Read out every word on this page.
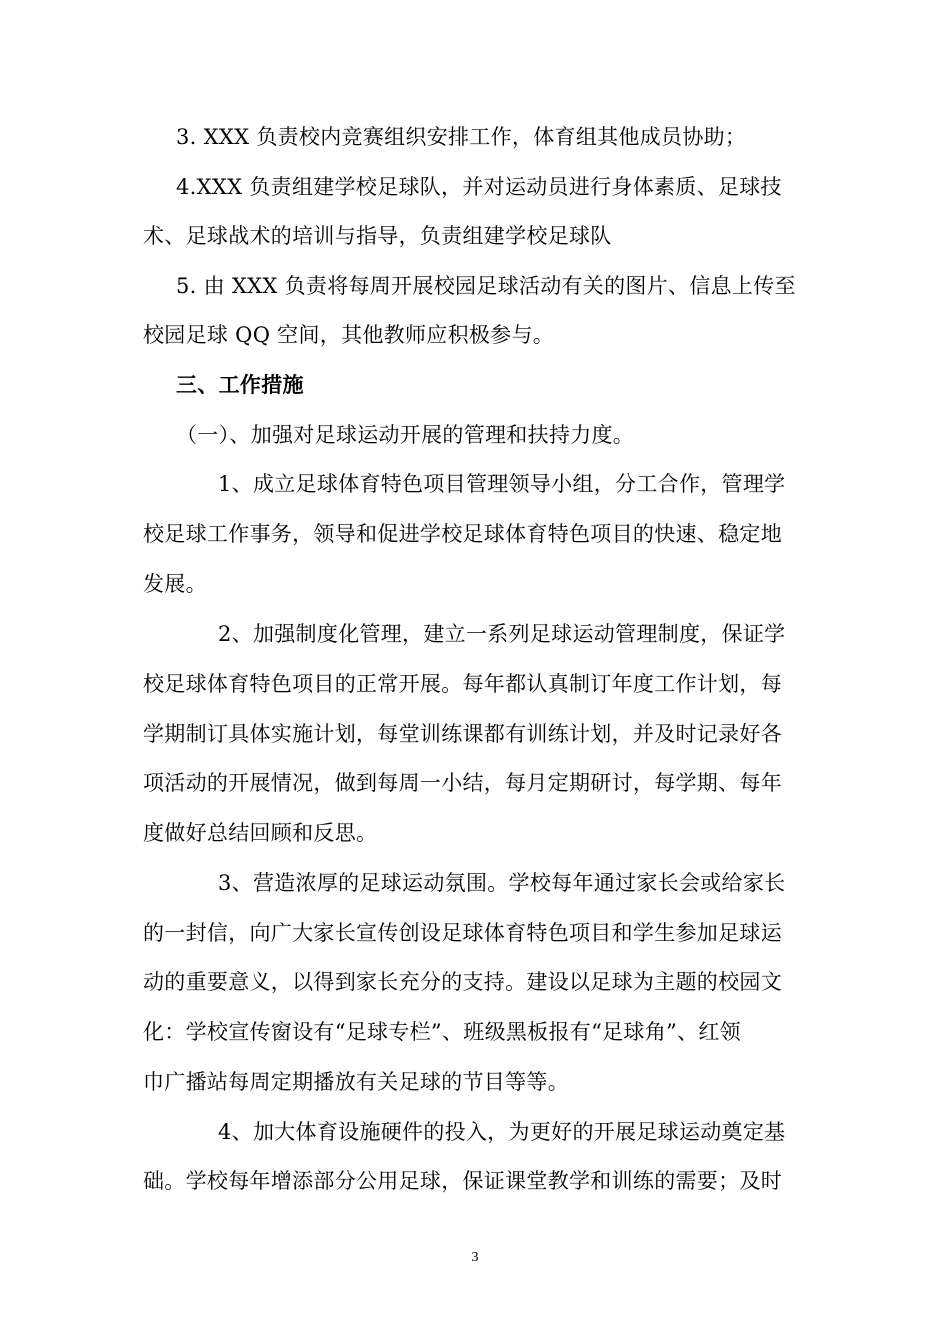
3. XXX 负责校内竞赛组织安排工作，体育组其他成员协助；
4.XXX 负责组建学校足球队，并对运动员进行身体素质、足球技
术、足球战术的培训与指导，负责组建学校足球队
5. 由 XXX 负责将每周开展校园足球活动有关的图片、信息上传至
校园足球 QQ 空间，其他教师应积极参与。
三、工作措施
（一）、加强对足球运动开展的管理和扶持力度。
1、成立足球体育特色项目管理领导小组，分工合作，管理学
校足球工作事务，领导和促进学校足球体育特色项目的快速、稳定地
发展。
2、加强制度化管理，建立一系列足球运动管理制度，保证学
校足球体育特色项目的正常开展。每年都认真制订年度工作计划，每
学期制订具体实施计划，每堂训练课都有训练计划，并及时记录好各
项活动的开展情况，做到每周一小结，每月定期研讨，每学期、每年
度做好总结回顾和反思。
3、营造浓厚的足球运动氛围。学校每年通过家长会或给家长
的一封信，向广大家长宣传创设足球体育特色项目和学生参加足球运
动的重要意义，以得到家长充分的支持。建设以足球为主题的校园文
化：学校宣传窗设有“足球专栏”、班级黑板报有“足球角”、红领
巾广播站每周定期播放有关足球的节目等等。
4、加大体育设施硬件的投入，为更好的开展足球运动奠定基
础。学校每年增添部分公用足球，保证课堂教学和训练的需要；及时
3
